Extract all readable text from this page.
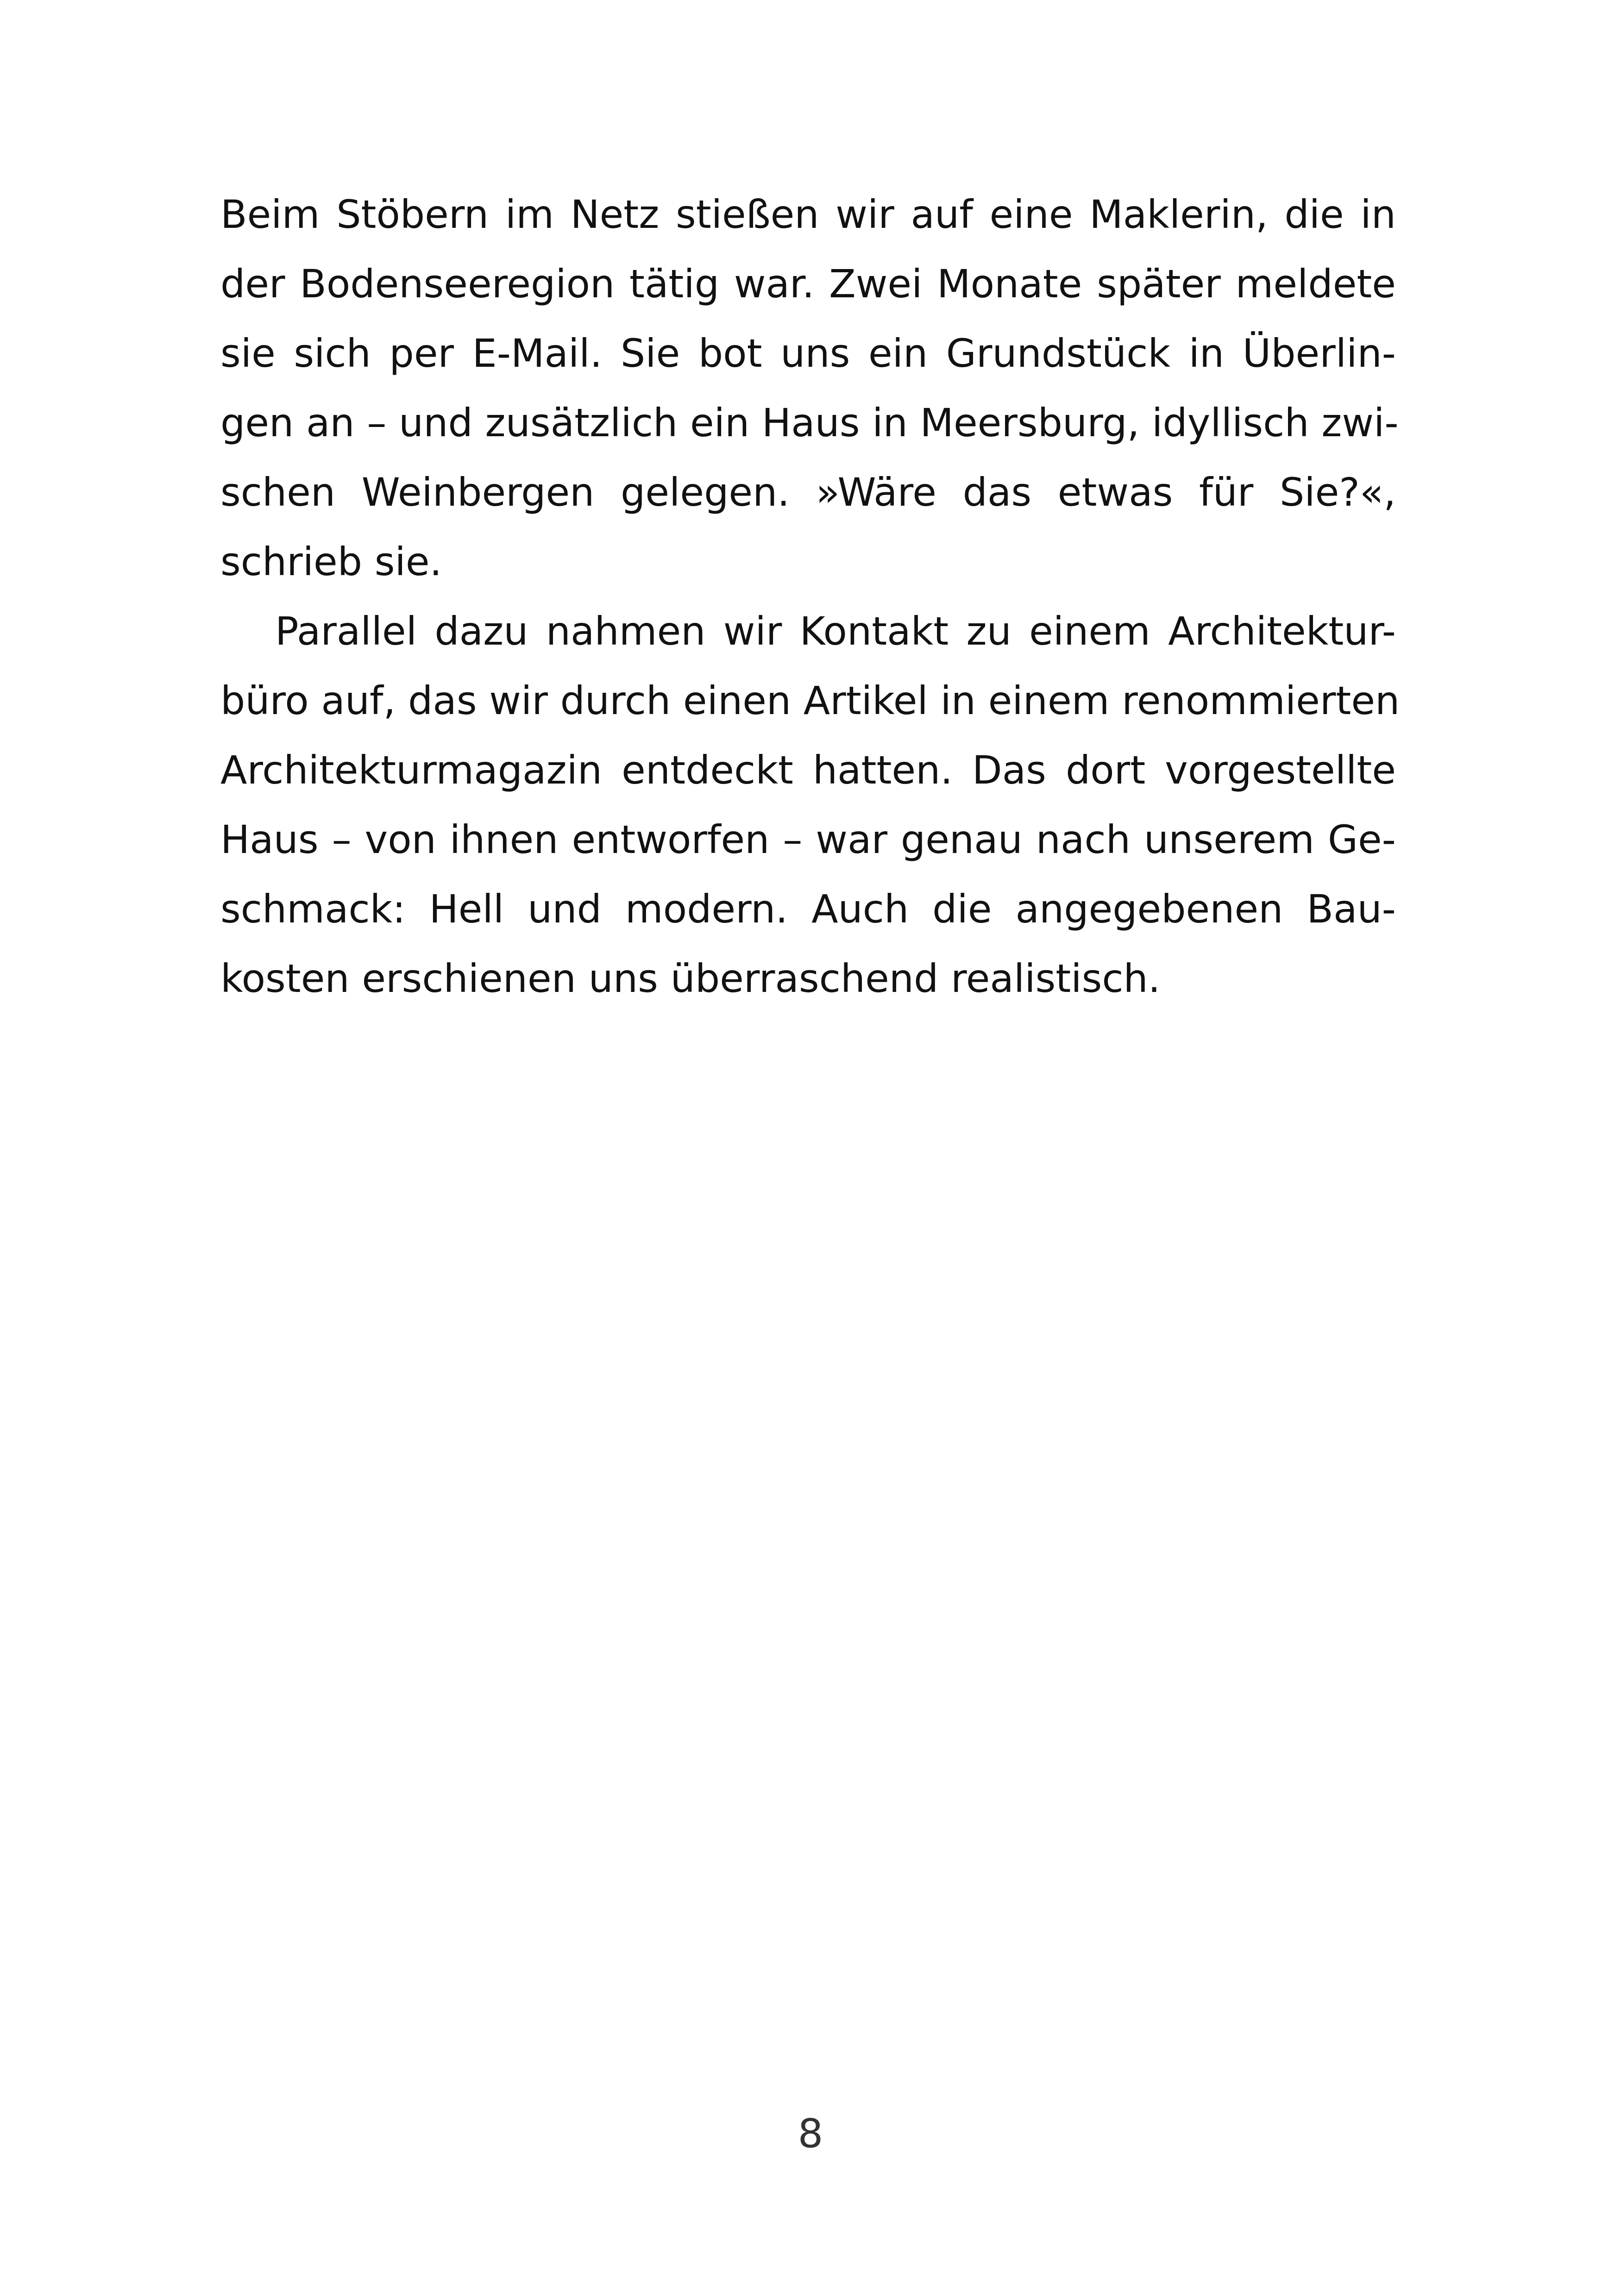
Beim Stöbern im Netz stießen wir auf eine Maklerin, die in
der Bodenseeregion tätig war. Zwei Monate später meldete
sie sich per E-Mail. Sie bot uns ein Grundstück in Überlin-
gen an – und zusätzlich ein Haus in Meersburg, idyllisch zwi-
schen Weinbergen gelegen. »Wäre das etwas für Sie?«,
schrieb sie.
Parallel dazu nahmen wir Kontakt zu einem Architektur-
büro auf, das wir durch einen Artikel in einem renommierten
Architekturmagazin entdeckt hatten. Das dort vorgestellte
Haus – von ihnen entworfen – war genau nach unserem Ge-
schmack: Hell und modern. Auch die angegebenen Bau-
kosten erschienen uns überraschend realistisch.
8
